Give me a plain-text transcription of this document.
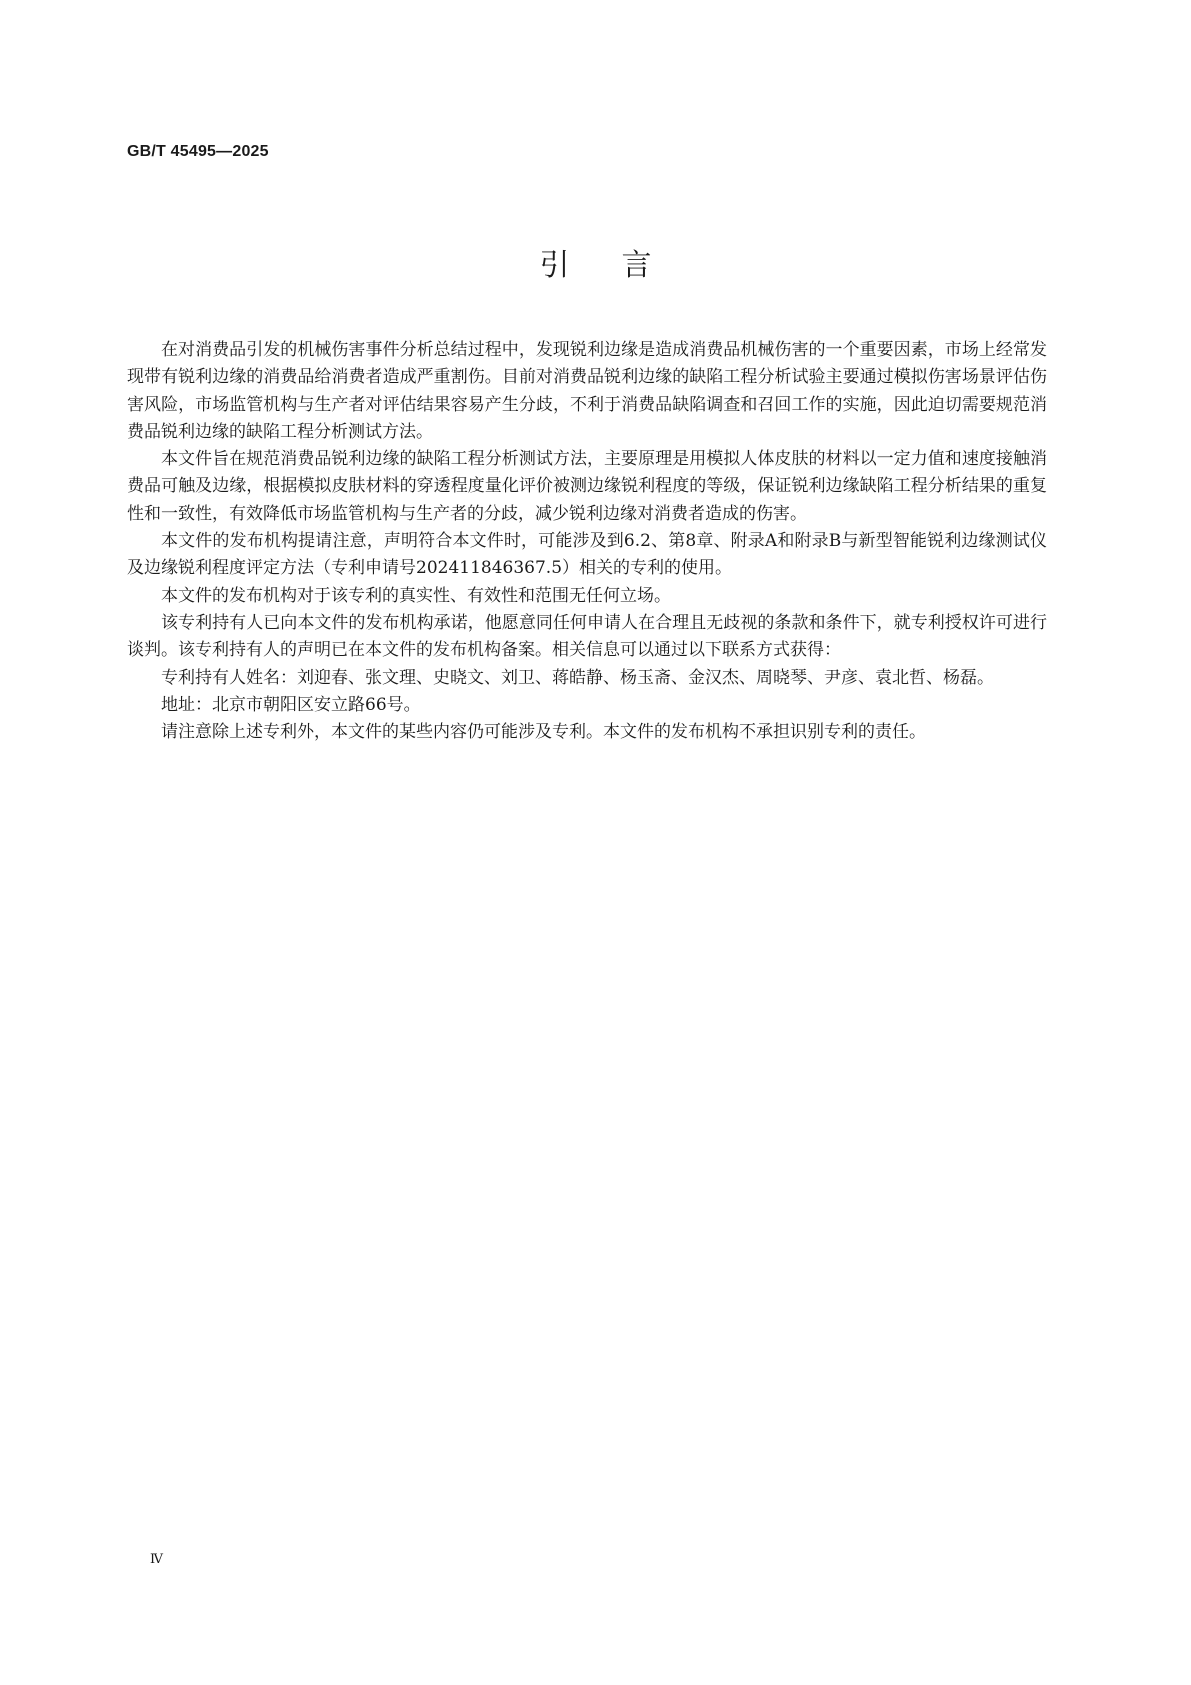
GB/T 45495—2025
引言

在对消费品引发的机械伤害事件分析总结过程中，发现锐利边缘是造成消费品机械伤害的一个重要因素，市场上经常发现带有锐利边缘的消费品给消费者造成严重割伤。目前对消费品锐利边缘的缺陷工程分析试验主要通过模拟伤害场景评估伤害风险，市场监管机构与生产者对评估结果容易产生分歧，不利于消费品缺陷调查和召回工作的实施，因此迫切需要规范消费品锐利边缘的缺陷工程分析测试方法。

本文件旨在规范消费品锐利边缘的缺陷工程分析测试方法，主要原理是用模拟人体皮肤的材料以一定力值和速度接触消费品可触及边缘，根据模拟皮肤材料的穿透程度量化评价被测边缘锐利程度的等级，保证锐利边缘缺陷工程分析结果的重复性和一致性，有效降低市场监管机构与生产者的分歧，减少锐利边缘对消费者造成的伤害。

本文件的发布机构提请注意，声明符合本文件时，可能涉及到6.2、第8章、附录A和附录B与新型智能锐利边缘测试仪及边缘锐利程度评定方法（专利申请号202411846367.5）相关的专利的使用。

本文件的发布机构对于该专利的真实性、有效性和范围无任何立场。

该专利持有人已向本文件的发布机构承诺，他愿意同任何申请人在合理且无歧视的条款和条件下，就专利授权许可进行谈判。该专利持有人的声明已在本文件的发布机构备案。相关信息可以通过以下联系方式获得：

专利持有人姓名：刘迎春、张文理、史晓文、刘卫、蒋皓静、杨玉斋、金汉杰、周晓琴、尹彦、袁北哲、杨磊。

地址：北京市朝阳区安立路66号。

请注意除上述专利外，本文件的某些内容仍可能涉及专利。本文件的发布机构不承担识别专利的责任。

Ⅳ
